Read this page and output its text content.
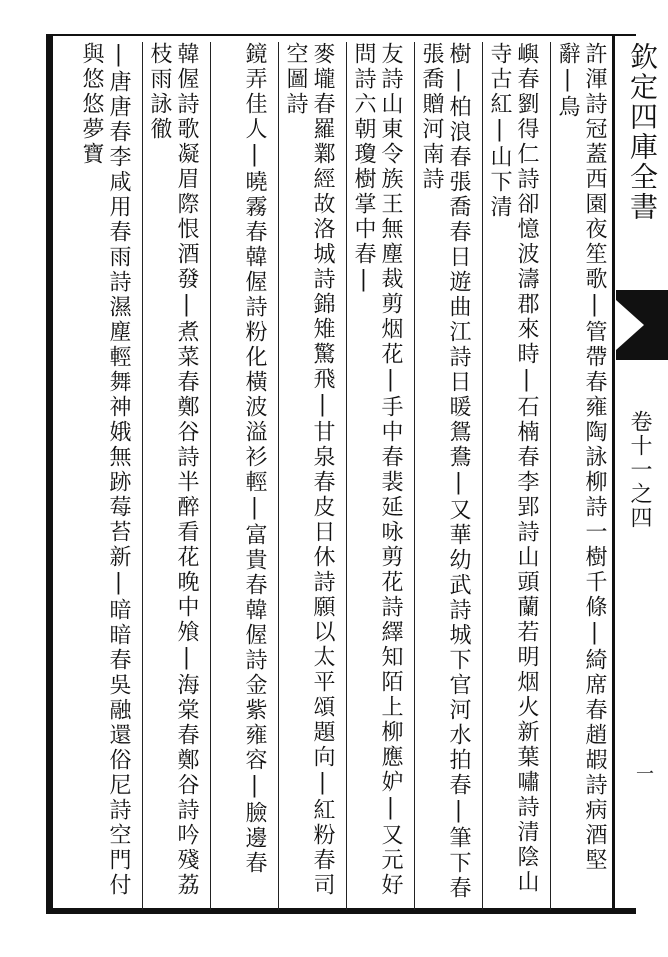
欽定四庫全書
卷十一之四
一
許渾詩冠蓋西園夜笙歌|管帶春雍陶詠柳詩一樹千條|綺席春趙嘏詩病酒堅辭|鳥
嶼春劉得仁詩卻憶波濤郡來時|石楠春李郢詩山頭蘭若明烟火新葉嘯詩清陰山寺古紅|山下清
樹|柏浪春張喬春日遊曲江詩日暖鴛鴦|又華幼武詩城下官河水拍春|筆下春張喬贈河南詩
友詩山東令族王無塵裁剪烟花|手中春裴延咏剪花詩繹知陌上柳應妒|又元好問詩六朝瓊樹掌中春|
麥壠春羅鄴經故洛城詩錦雉驚飛|甘泉春皮日休詩願以太平頌題向|紅粉春司空圖詩
鏡弄佳人|曉霧春韓偓詩粉化橫波溢衫輕|富貴春韓偓詩金紫雍容|臉邊春
韓偓詩歌凝眉際恨酒發|煮菜春鄭谷詩半醉看花晚中飧|海棠春鄭谷詩吟殘荔枝雨詠徹
|唐唐春李咸用春雨詩濕塵輕舞神娥無跡莓苔新|暗暗春吳融還俗尼詩空門付與悠悠夢寶
